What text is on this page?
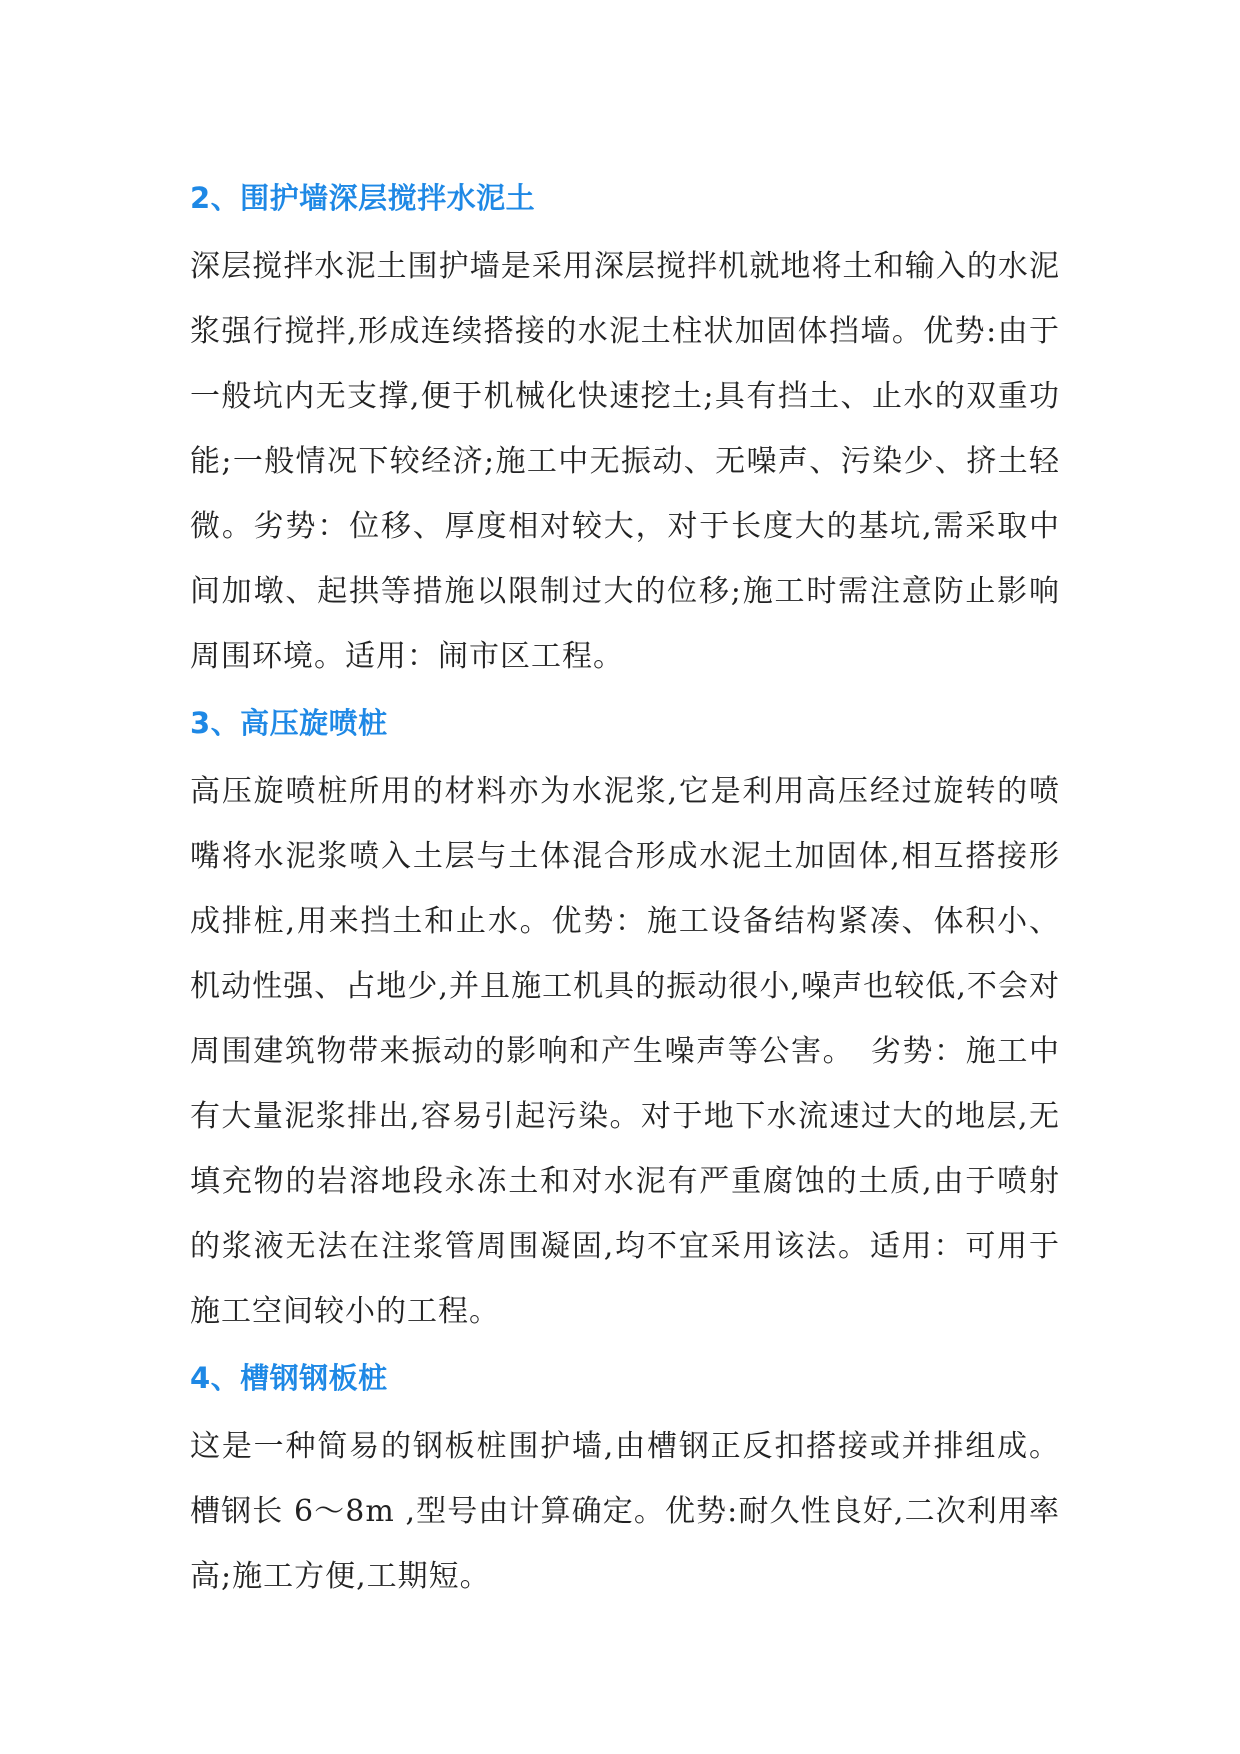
2、围护墙深层搅拌水泥土

深层搅拌水泥土围护墙是采用深层搅拌机就地将土和输入的水泥浆强行搅拌,形成连续搭接的水泥土柱状加固体挡墙。优势:由于一般坑内无支撑,便于机械化快速挖土;具有挡土、止水的双重功能;一般情况下较经济;施工中无振动、无噪声、污染少、挤土轻微。劣势：位移、厚度相对较大，对于长度大的基坑,需采取中间加墩、起拱等措施以限制过大的位移;施工时需注意防止影响周围环境。适用：闹市区工程。

3、高压旋喷桩

高压旋喷桩所用的材料亦为水泥浆,它是利用高压经过旋转的喷嘴将水泥浆喷入土层与土体混合形成水泥土加固体,相互搭接形成排桩,用来挡土和止水。优势：施工设备结构紧凑、体积小、机动性强、占地少,并且施工机具的振动很小,噪声也较低,不会对周围建筑物带来振动的影响和产生噪声等公害。　劣势：施工中有大量泥浆排出,容易引起污染。对于地下水流速过大的地层,无填充物的岩溶地段永冻土和对水泥有严重腐蚀的土质,由于喷射的浆液无法在注浆管周围凝固,均不宜采用该法。适用：可用于施工空间较小的工程。

4、槽钢钢板桩

这是一种简易的钢板桩围护墙,由槽钢正反扣搭接或并排组成。槽钢长 6～8m ,型号由计算确定。优势:耐久性良好,二次利用率高;施工方便,工期短。
